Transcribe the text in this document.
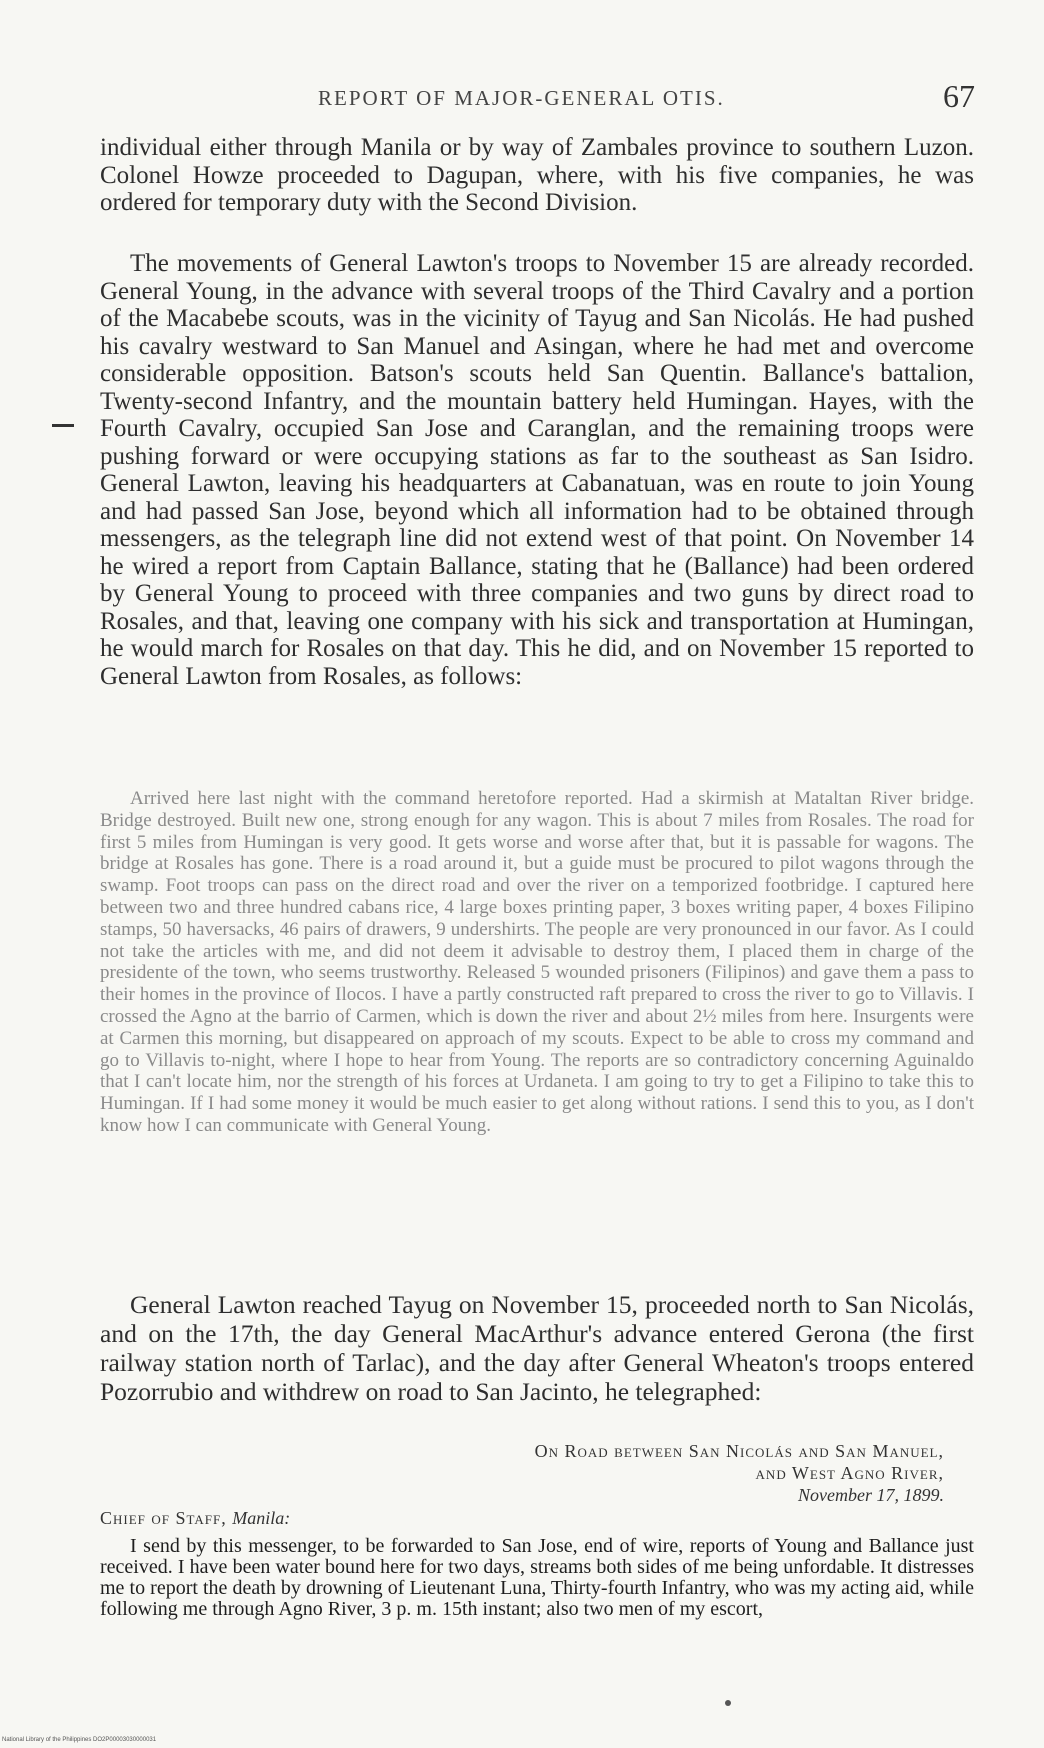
REPORT OF MAJOR-GENERAL OTIS.	67

individual either through Manila or by way of Zambales province to southern Luzon. Colonel Howze proceeded to Dagupan, where, with his five companies, he was ordered for temporary duty with the Second Division.

The movements of General Lawton's troops to November 15 are already recorded. General Young, in the advance with several troops of the Third Cavalry and a portion of the Macabebe scouts, was in the vicinity of Tayug and San Nicolás. He had pushed his cavalry westward to San Manuel and Asingan, where he had met and overcome considerable opposition. Batson's scouts held San Quentin. Ballance's battalion, Twenty-second Infantry, and the mountain battery held Humingan. Hayes, with the Fourth Cavalry, occupied San Jose and Caranglan, and the remaining troops were pushing forward or were occupying stations as far to the southeast as San Isidro. General Lawton, leaving his headquarters at Cabanatuan, was en route to join Young and had passed San Jose, beyond which all information had to be obtained through messengers, as the telegraph line did not extend west of that point. On November 14 he wired a report from Captain Ballance, stating that he (Ballance) had been ordered by General Young to proceed with three companies and two guns by direct road to Rosales, and that, leaving one company with his sick and transportation at Humingan, he would march for Rosales on that day. This he did, and on November 15 reported to General Lawton from Rosales, as follows:

Arrived here last night with the command heretofore reported. Had a skirmish at Mataltan River bridge. Bridge destroyed. Built new one, strong enough for any wagon. This is about 7 miles from Rosales. The road for first 5 miles from Humingan is very good. It gets worse and worse after that, but it is passable for wagons. The bridge at Rosales has gone. There is a road around it, but a guide must be procured to pilot wagons through the swamp. Foot troops can pass on the direct road and over the river on a temporized footbridge. I captured here between two and three hundred cabans rice, 4 large boxes printing paper, 3 boxes writing paper, 4 boxes Filipino stamps, 50 haversacks, 46 pairs of drawers, 9 undershirts. The people are very pronounced in our favor. As I could not take the articles with me, and did not deem it advisable to destroy them, I placed them in charge of the presidente of the town, who seems trustworthy. Released 5 wounded prisoners (Filipinos) and gave them a pass to their homes in the province of Ilocos. I have a partly constructed raft prepared to cross the river to go to Villavis. I crossed the Agno at the barrio of Carmen, which is down the river and about 2½ miles from here. Insurgents were at Carmen this morning, but disappeared on approach of my scouts. Expect to be able to cross my command and go to Villavis to-night, where I hope to hear from Young. The reports are so contradictory concerning Aguinaldo that I can't locate him, nor the strength of his forces at Urdaneta. I am going to try to get a Filipino to take this to Humingan. If I had some money it would be much easier to get along without rations. I send this to you, as I don't know how I can communicate with General Young.

General Lawton reached Tayug on November 15, proceeded north to San Nicolás, and on the 17th, the day General MacArthur's advance entered Gerona (the first railway station north of Tarlac), and the day after General Wheaton's troops entered Pozorrubio and withdrew on road to San Jacinto, he telegraphed:

On Road between San Nicolás and San Manuel,
and West Agno River,
November 17, 1899.
Chief of Staff, Manila:
I send by this messenger, to be forwarded to San Jose, end of wire, reports of Young and Ballance just received. I have been water bound here for two days, streams both sides of me being unfordable. It distresses me to report the death by drowning of Lieutenant Luna, Thirty-fourth Infantry, who was my acting aid, while following me through Agno River, 3 p. m. 15th instant; also two men of my escort,
National Library of the Philippines DO2P00003030000031
